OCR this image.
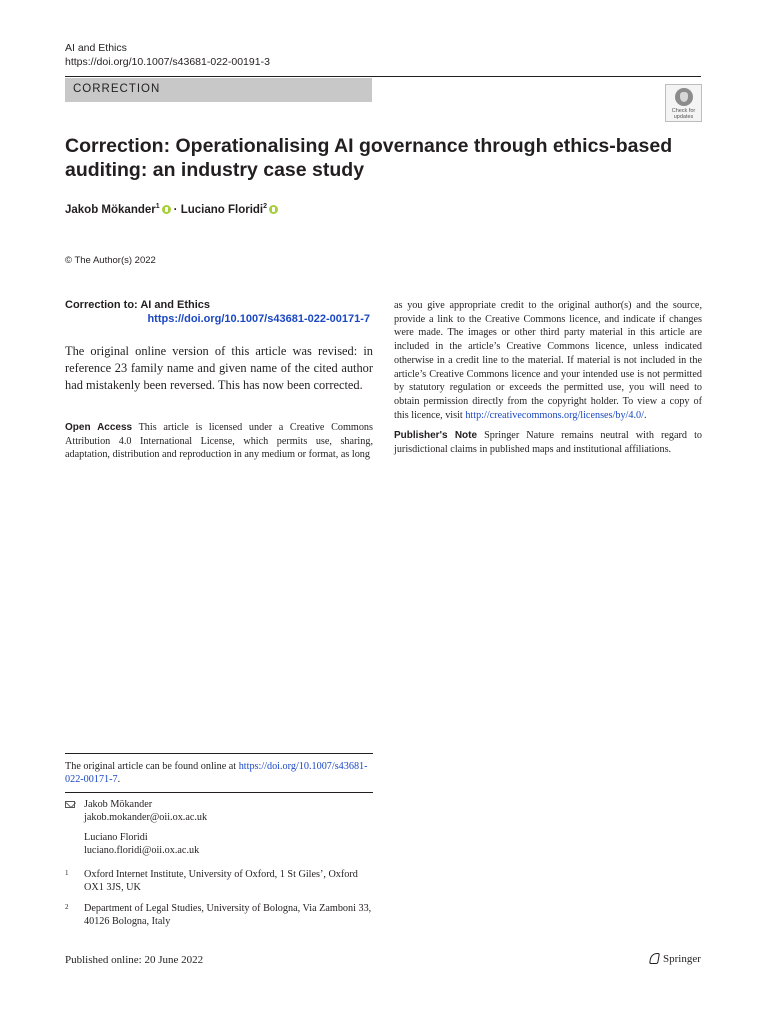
AI and Ethics
https://doi.org/10.1007/s43681-022-00191-3
CORRECTION
Check for
updates
Correction: Operationalising AI governance through ethics-based auditing: an industry case study
Jakob Mökander$^1$ · Luciano Floridi$^2$
© The Author(s) 2022
Correction to: AI and Ethics
https://doi.org/10.1007/s43681-022-00171-7

The original online version of this article was revised: in reference 23 family name and given name of the cited author had mistakenly been reversed. This has now been corrected.

Open Access This article is licensed under a Creative Commons Attribution 4.0 International License, which permits use, sharing, adaptation, distribution and reproduction in any medium or format, as long

as you give appropriate credit to the original author(s) and the source, provide a link to the Creative Commons licence, and indicate if changes were made. The images or other third party material in this article are included in the article’s Creative Commons licence, unless indicated otherwise in a credit line to the material. If material is not included in the article’s Creative Commons licence and your intended use is not permitted by statutory regulation or exceeds the permitted use, you will need to obtain permission directly from the copyright holder. To view a copy of this licence, visit http://creativecommons.org/licenses/by/4.0/.

Publisher's Note Springer Nature remains neutral with regard to jurisdictional claims in published maps and institutional affiliations.

The original article can be found online at https://doi.org/10.1007/s43681-022-00171-7.

Jakob Mökander
jakob.mokander@oii.ox.ac.uk
Luciano Floridi
luciano.floridi@oii.ox.ac.uk
1 Oxford Internet Institute, University of Oxford, 1 St Giles’, Oxford OX1 3JS, UK
2 Department of Legal Studies, University of Bologna, Via Zamboni 33, 40126 Bologna, Italy
Published online: 20 June 2022	Springer
